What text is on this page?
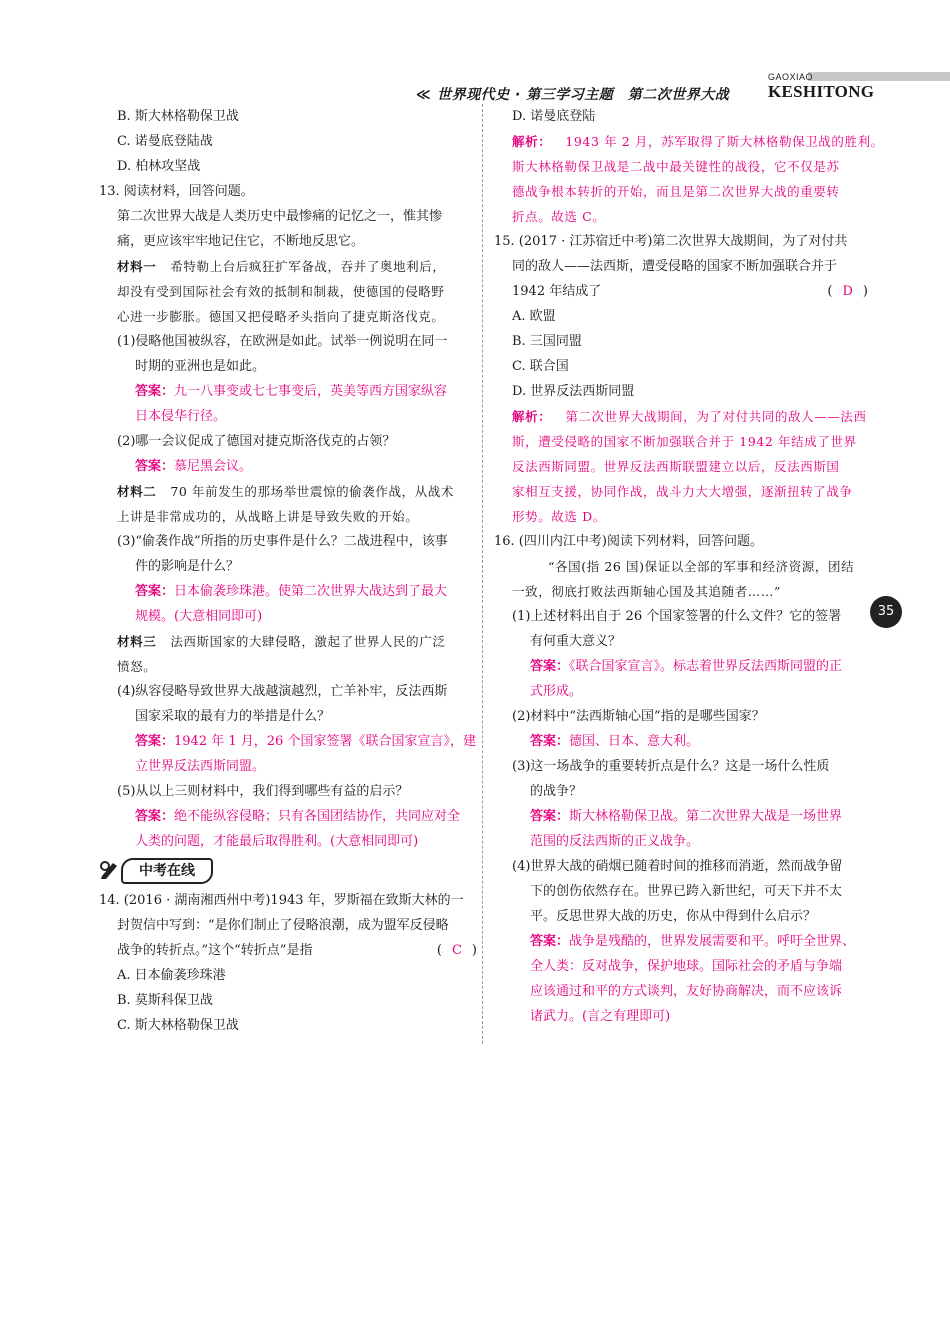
≪ 世界现代史 · 第三学习主题　第二次世界大战
GAOXIAO
KESHITONG
B. 斯大林格勒保卫战
C. 诺曼底登陆战
D. 柏林攻坚战
13. 阅读材料，回答问题。
第二次世界大战是人类历史中最惨痛的记忆之一，惟其惨
痛，更应该牢牢地记住它，不断地反思它。
材料一 希特勒上台后疯狂扩军备战，吞并了奥地利后，
却没有受到国际社会有效的抵制和制裁，使德国的侵略野
心进一步膨胀。德国又把侵略矛头指向了捷克斯洛伐克。
(1)侵略他国被纵容，在欧洲是如此。试举一例说明在同一
时期的亚洲也是如此。
答案：九一八事变或七七事变后，英美等西方国家纵容
日本侵华行径。
(2)哪一会议促成了德国对捷克斯洛伐克的占领？
答案：慕尼黑会议。
材料二 70 年前发生的那场举世震惊的偷袭作战，从战术
上讲是非常成功的，从战略上讲是导致失败的开始。
(3)“偷袭作战”所指的历史事件是什么？二战进程中，该事
件的影响是什么？
答案：日本偷袭珍珠港。使第二次世界大战达到了最大
规模。(大意相同即可)
材料三 法西斯国家的大肆侵略，激起了世界人民的广泛
愤怒。
(4)纵容侵略导致世界大战越演越烈，亡羊补牢，反法西斯
国家采取的最有力的举措是什么？
答案：1942 年 1 月，26 个国家签署《联合国家宣言》，建
立世界反法西斯同盟。
(5)从以上三则材料中，我们得到哪些有益的启示？
答案：绝不能纵容侵略；只有各国团结协作，共同应对全
人类的问题，才能最后取得胜利。(大意相同即可)
中考在线
14. (2016 · 湖南湘西州中考)1943 年，罗斯福在致斯大林的一
封贺信中写到：“是你们制止了侵略浪潮，成为盟军反侵略
战争的转折点。”这个“转折点”是指	( C )
A. 日本偷袭珍珠港
B. 莫斯科保卫战
C. 斯大林格勒保卫战
D. 诺曼底登陆
解析： 1943 年 2 月，苏军取得了斯大林格勒保卫战的胜利。
斯大林格勒保卫战是二战中最关键性的战役，它不仅是苏
德战争根本转折的开始，而且是第二次世界大战的重要转
折点。故选 C。
15. (2017 · 江苏宿迁中考)第二次世界大战期间，为了对付共
同的敌人——法西斯，遭受侵略的国家不断加强联合并于
1942 年结成了	( D )
A. 欧盟
B. 三国同盟
C. 联合国
D. 世界反法西斯同盟
解析： 第二次世界大战期间，为了对付共同的敌人——法西
斯，遭受侵略的国家不断加强联合并于 1942 年结成了世界
反法西斯同盟。世界反法西斯联盟建立以后，反法西斯国
家相互支援，协同作战，战斗力大大增强，逐渐扭转了战争
形势。故选 D。
16. (四川内江中考)阅读下列材料，回答问题。
“各国(指 26 国)保证以全部的军事和经济资源，团结
一致，彻底打败法西斯轴心国及其追随者……”
(1)上述材料出自于 26 个国家签署的什么文件？它的签署
有何重大意义？
答案：《联合国家宣言》。标志着世界反法西斯同盟的正
式形成。
(2)材料中“法西斯轴心国”指的是哪些国家？
答案：德国、日本、意大利。
(3)这一场战争的重要转折点是什么？这是一场什么性质
的战争？
答案：斯大林格勒保卫战。第二次世界大战是一场世界
范围的反法西斯的正义战争。
(4)世界大战的硝烟已随着时间的推移而消逝，然而战争留
下的创伤依然存在。世界已跨入新世纪，可天下并不太
平。反思世界大战的历史，你从中得到什么启示？
答案：战争是残酷的，世界发展需要和平。呼吁全世界、
全人类：反对战争，保护地球。国际社会的矛盾与争端
应该通过和平的方式谈判，友好协商解决，而不应该诉
诸武力。(言之有理即可)
35
